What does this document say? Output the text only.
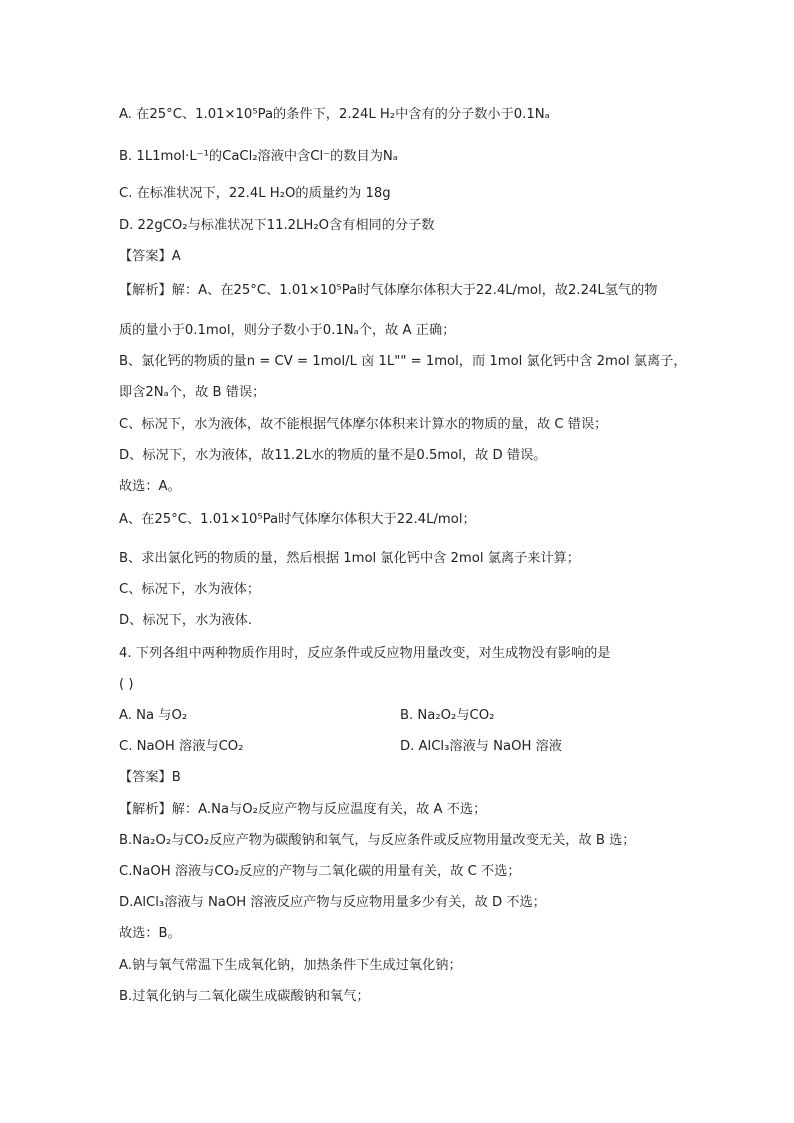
A. 在25°C、1.01×10⁵Pa的条件下，2.24L H₂中含有的分子数小于0.1Nₐ
B. 1L1mol·L⁻¹的CaCl₂溶液中含Cl⁻的数目为Nₐ
C. 在标准状况下，22.4L H₂O的质量约为 18g
D. 22gCO₂与标准状况下11.2LH₂O含有相同的分子数
【答案】A
【解析】解：A、在25°C、1.01×10⁵Pa时气体摩尔体积大于22.4L/mol，故2.24L氢气的物
质的量小于0.1mol，则分子数小于0.1Nₐ个，故 A 正确；
B、氯化钙的物质的量n = CV = 1mol/L 㐫 1L"" = 1mol，而 1mol 氯化钙中含 2mol 氯离子，
即含2Nₐ个，故 B 错误；
C、标况下，水为液体，故不能根据气体摩尔体积来计算水的物质的量，故 C 错误；
D、标况下，水为液体，故11.2L水的物质的量不是0.5mol，故 D 错误。
故选：A。
A、在25°C、1.01×10⁵Pa时气体摩尔体积大于22.4L/mol；
B、求出氯化钙的物质的量，然后根据 1mol 氯化钙中含 2mol 氯离子来计算；
C、标况下，水为液体；
D、标况下，水为液体.
4. 下列各组中两种物质作用时，反应条件或反应物用量改变，对生成物没有影响的是
( )
A. Na 与O₂	B. Na₂O₂与CO₂
C. NaOH 溶液与CO₂	D. AlCl₃溶液与 NaOH 溶液
【答案】B
【解析】解：A.Na与O₂反应产物与反应温度有关，故 A 不选；
B.Na₂O₂与CO₂反应产物为碳酸钠和氧气，与反应条件或反应物用量改变无关，故 B 选；
C.NaOH 溶液与CO₂反应的产物与二氧化碳的用量有关，故 C 不选；
D.AlCl₃溶液与 NaOH 溶液反应产物与反应物用量多少有关，故 D 不选；
故选：B。
A.钠与氧气常温下生成氧化钠，加热条件下生成过氧化钠；
B.过氧化钠与二氧化碳生成碳酸钠和氧气；
